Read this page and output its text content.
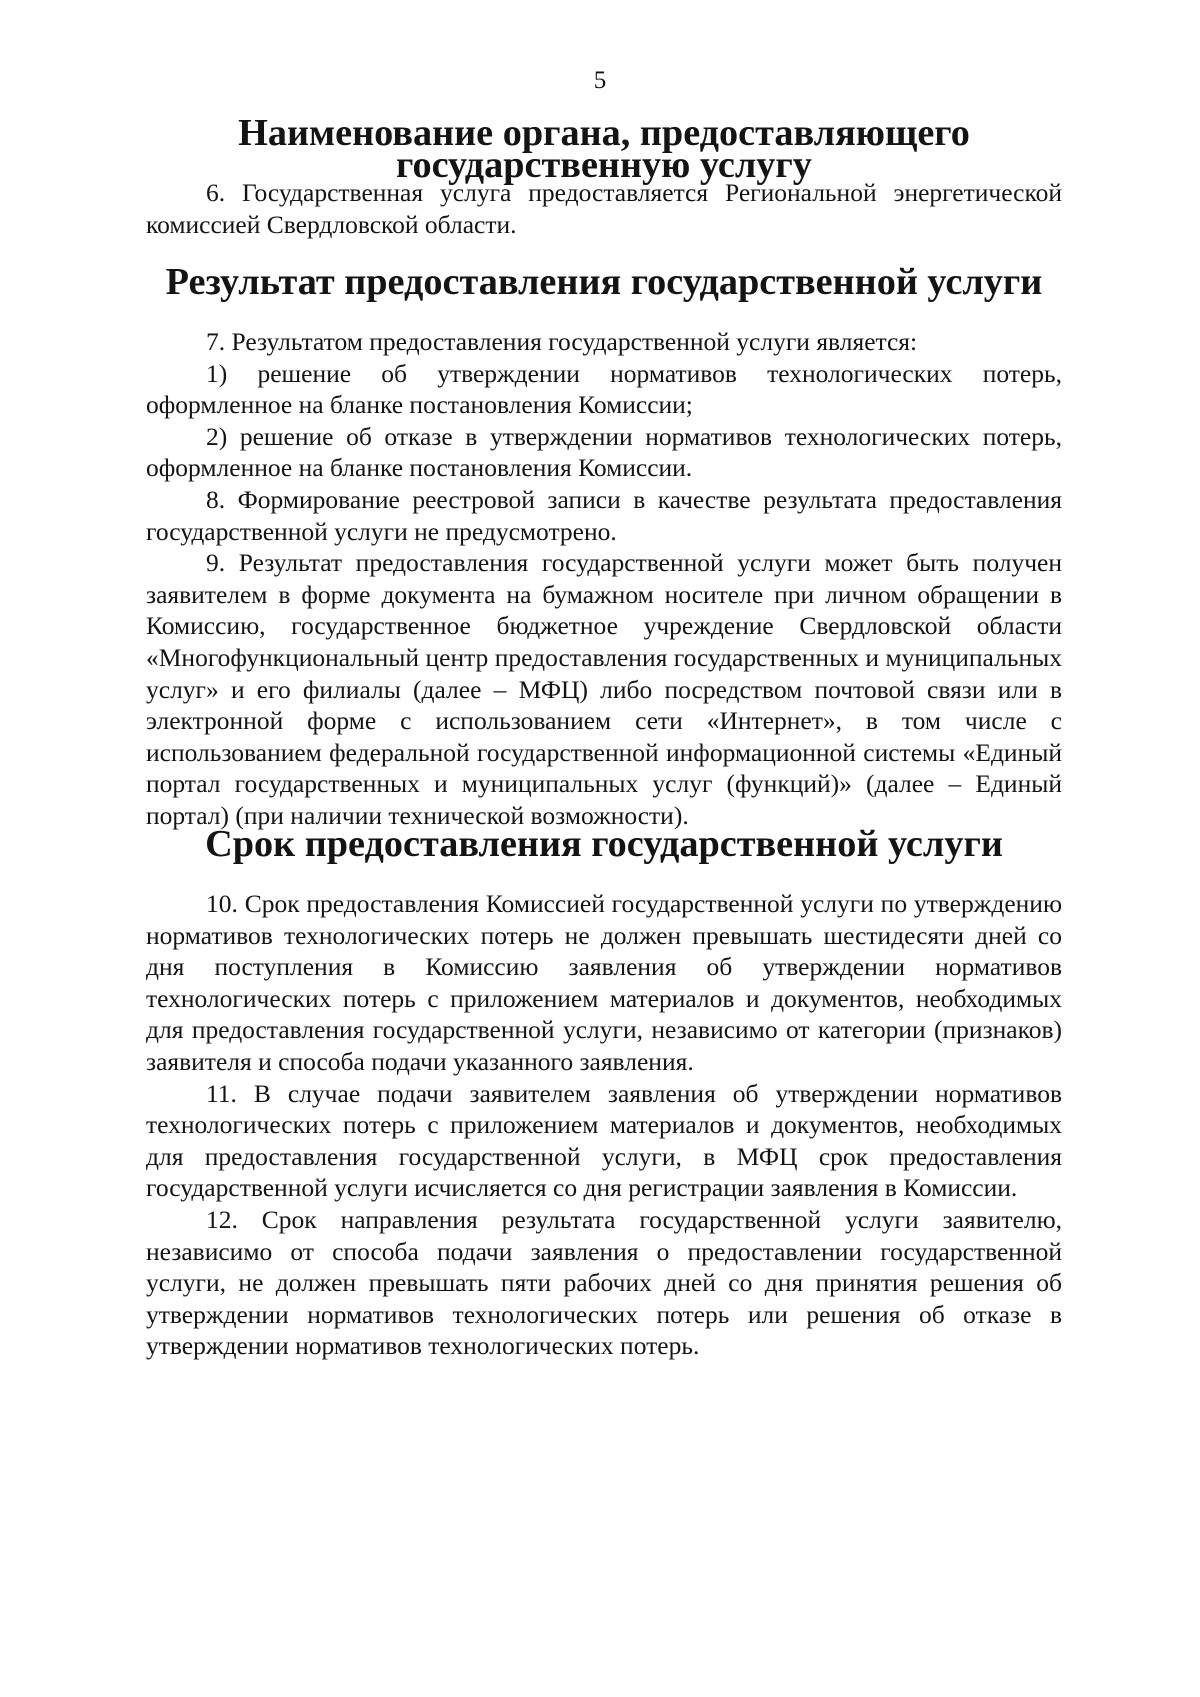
5
Наименование органа, предоставляющего государственную услугу

6. Государственная услуга предоставляется Региональной энергетической комиссией Свердловской области.

Результат предоставления государственной услуги

7. Результатом предоставления государственной услуги является:

1) решение об утверждении нормативов технологических потерь, оформленное на бланке постановления Комиссии;

2) решение об отказе в утверждении нормативов технологических потерь, оформленное на бланке постановления Комиссии.

8. Формирование реестровой записи в качестве результата предоставления государственной услуги не предусмотрено.

9. Результат предоставления государственной услуги может быть получен заявителем в форме документа на бумажном носителе при личном обращении в Комиссию, государственное бюджетное учреждение Свердловской области «Многофункциональный центр предоставления государственных и муниципальных услуг» и его филиалы (далее – МФЦ) либо посредством почтовой связи или в электронной форме с использованием сети «Интернет», в том числе с использованием федеральной государственной информационной системы «Единый портал государственных и муниципальных услуг (функций)» (далее – Единый портал) (при наличии технической возможности).

Срок предоставления государственной услуги

10. Срок предоставления Комиссией государственной услуги по утверждению нормативов технологических потерь не должен превышать шестидесяти дней со дня поступления в Комиссию заявления об утверждении нормативов технологических потерь с приложением материалов и документов, необходимых для предоставления государственной услуги, независимо от категории (признаков) заявителя и способа подачи указанного заявления.

11. В случае подачи заявителем заявления об утверждении нормативов технологических потерь с приложением материалов и документов, необходимых для предоставления государственной услуги, в МФЦ срок предоставления государственной услуги исчисляется со дня регистрации заявления в Комиссии.

12. Срок направления результата государственной услуги заявителю, независимо от способа подачи заявления о предоставлении государственной услуги, не должен превышать пяти рабочих дней со дня принятия решения об утверждении нормативов технологических потерь или решения об отказе в утверждении нормативов технологических потерь.
